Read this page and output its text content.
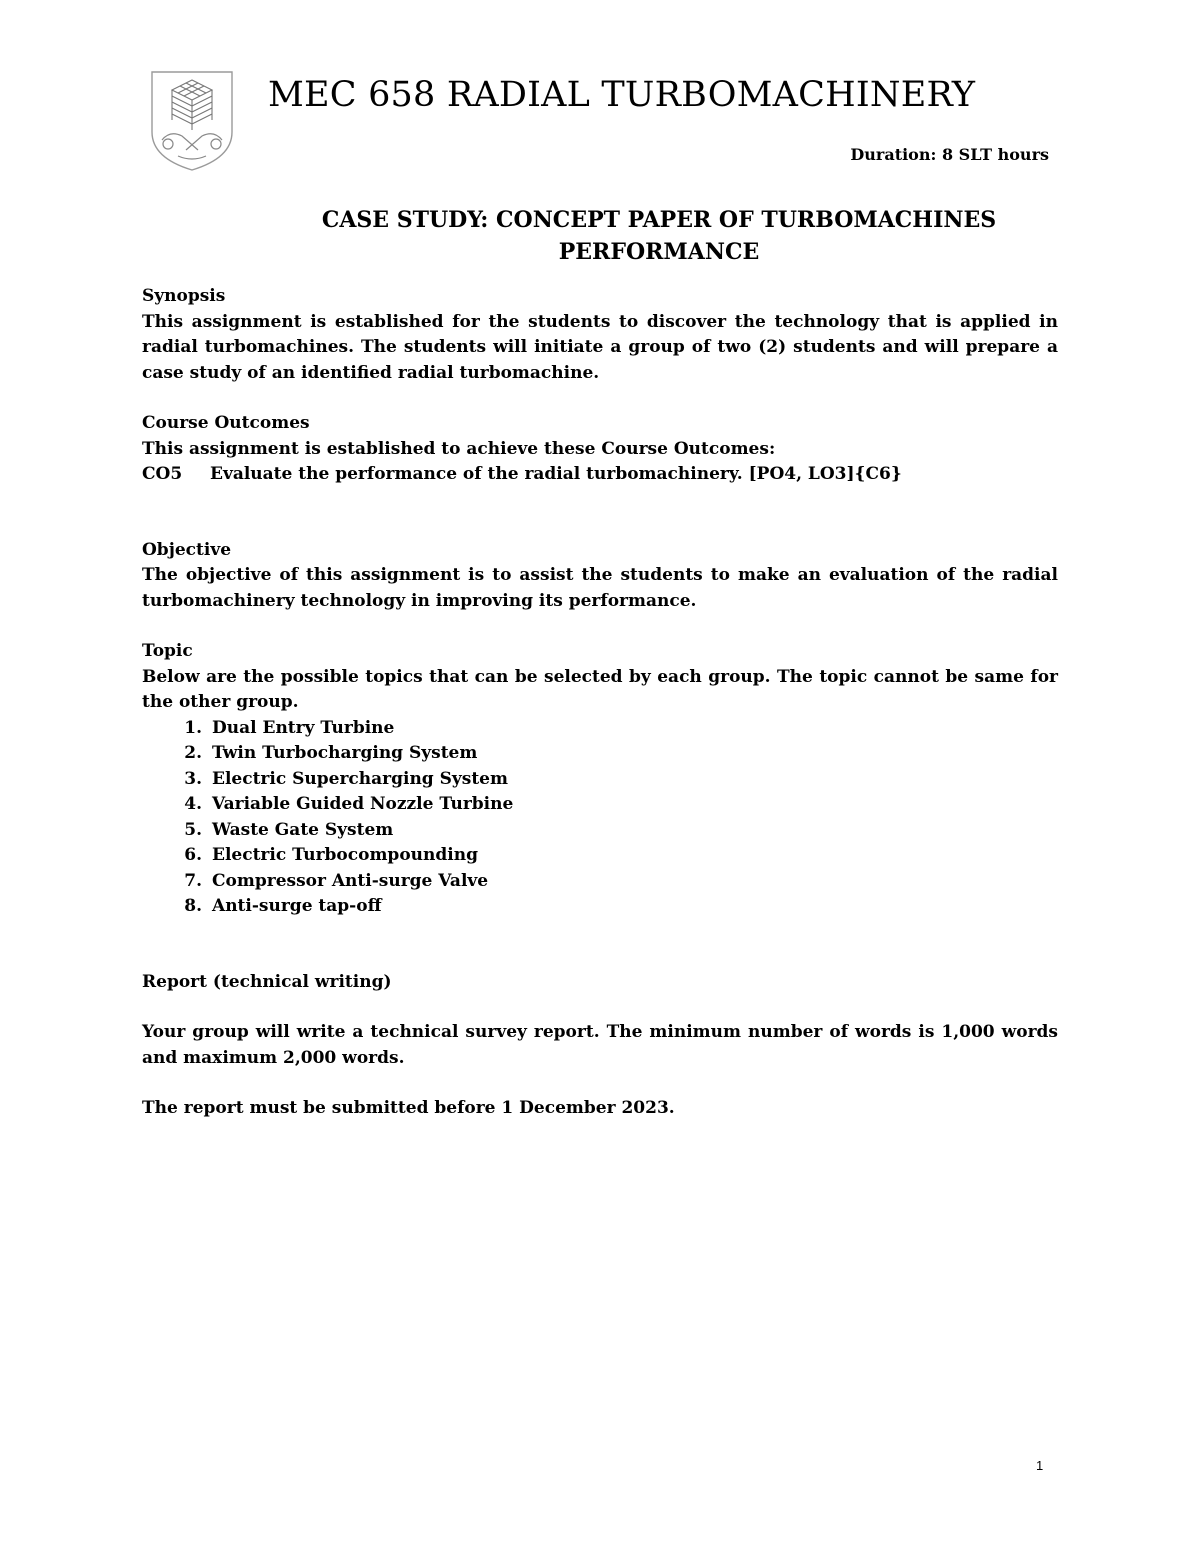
MEC 658 RADIAL TURBOMACHINERY
Duration: 8 SLT hours
CASE STUDY: CONCEPT PAPER OF TURBOMACHINES PERFORMANCE

Synopsis

This assignment is established for the students to discover the technology that is applied in radial turbomachines. The students will initiate a group of two (2) students and will prepare a case study of an identified radial turbomachine.

Course Outcomes

This assignment is established to achieve these Course Outcomes:

CO5	Evaluate the performance of the radial turbomachinery. [PO4, LO3]{C6}

Objective

The objective of this assignment is to assist the students to make an evaluation of the radial turbomachinery technology in improving its performance.

Topic

Below are the possible topics that can be selected by each group. The topic cannot be same for the other group.

1. Dual Entry Turbine
2. Twin Turbocharging System
3. Electric Supercharging System
4. Variable Guided Nozzle Turbine
5. Waste Gate System
6. Electric Turbocompounding
7. Compressor Anti-surge Valve
8. Anti-surge tap-off

Report (technical writing)

Your group will write a technical survey report. The minimum number of words is 1,000 words and maximum 2,000 words.

The report must be submitted before 1 December 2023.

1
